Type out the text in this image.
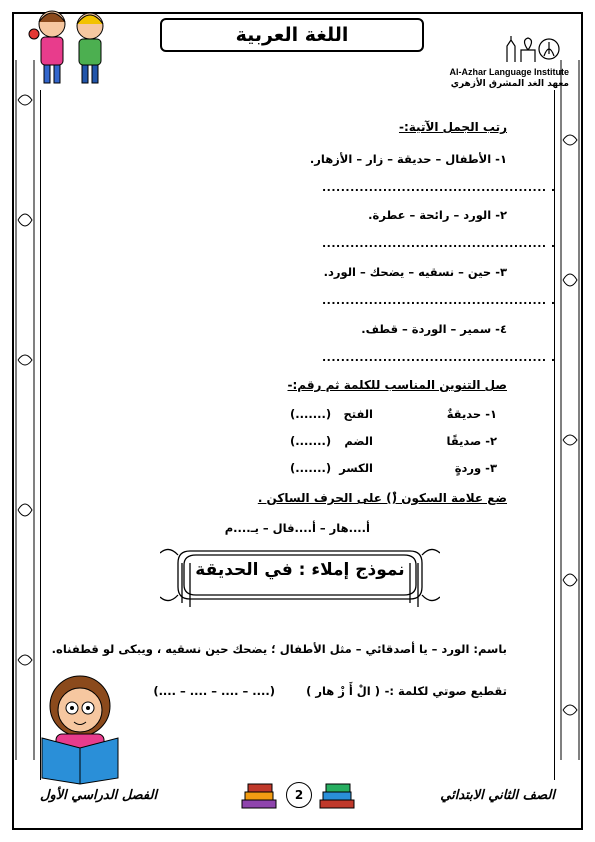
اللغة العربية
Al-Azhar Language Institute
معهد الغد المشرق الأزهري
رتب الجمل الآتية:-
١- الأطفال – حديقة – زار – الأزهار.
................................................ .
٢- الورد – رائحة – عطرة.
................................................ .
٣- حين – نسقيه – يضحك – الورد.
................................................ .
٤- سمير – الوردة – قطف.
................................................ .
صل التنوين المناسب للكلمة ثم رقم:-
١- حديقةٌ
الفتح
(.......)
٢- صديقًا
الضم
(.......)
٣- وردةٍ
الكسر
(.......)
ضع علامة السكون (ْ) على الحرف الساكن .
أ....هار – أ....فال – يـ....م
نموذج إملاء : في الحديقة
باسم: الورد – يا أصدقائي – مثل الأطفال ؛ يضحك حين نسقيه ، ويبكى لو قطفناه.
تقطيع صوتي لكلمة :-
( الْ أَ زْ هار )
(.... – .... – .... – ....)
الصف الثاني الابتدائي
2
الفصل الدراسي الأول
